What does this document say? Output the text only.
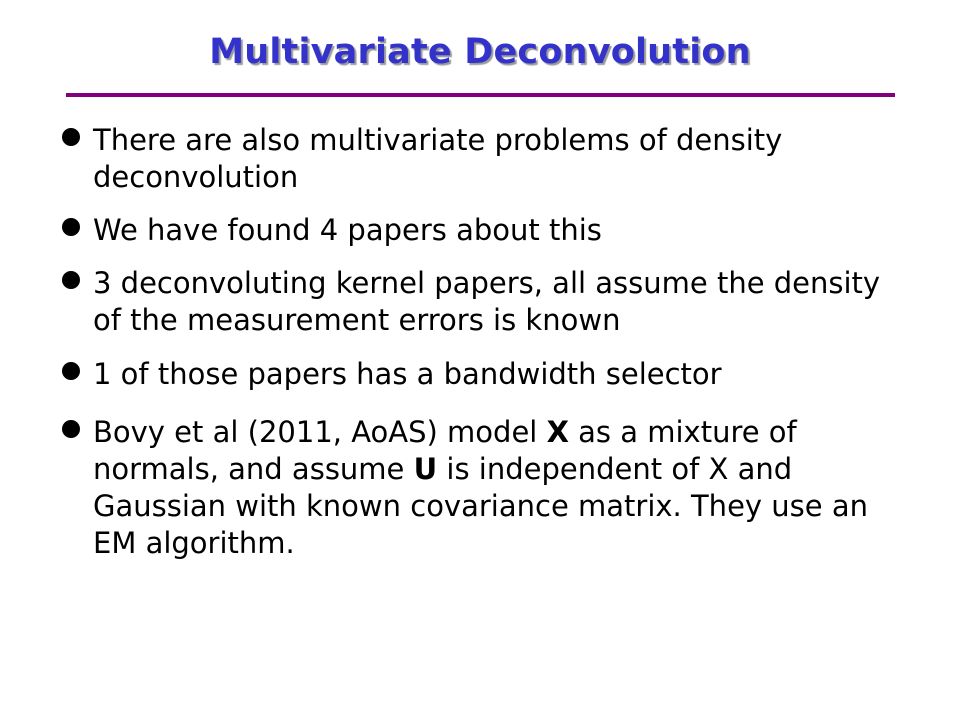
Multivariate Deconvolution
There are also multivariate problems of density deconvolution
We have found 4 papers about this
3 deconvoluting kernel papers, all assume the density of the measurement errors is known
1 of those papers has a bandwidth selector
Bovy et al (2011, AoAS) model X as a mixture of normals, and assume U is independent of X and Gaussian with known covariance matrix. They use an EM algorithm.
